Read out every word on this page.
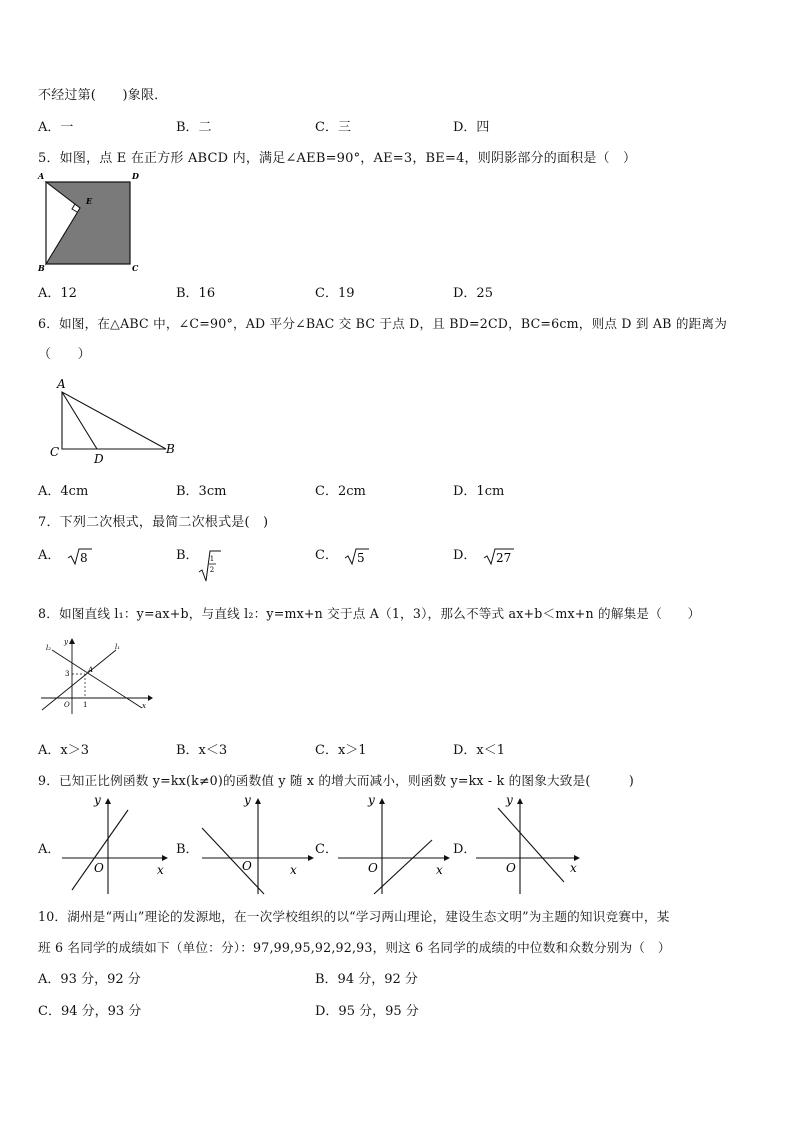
不经过第(　　)象限．
A．一	B．二	C．三	D．四
5．如图，点 E 在正方形 ABCD 内，满足∠AEB=90°，AE=3，BE=4，则阴影部分的面积是（　）
A	D
B	C
E
A．12	B．16	C．19	D．25
6．如图，在△ABC 中，∠C=90°，AD 平分∠BAC 交 BC 于点 D，且 BD=2CD，BC=6cm，则点 D 到 AB 的距离为
（　　）
A
C	D
B
A．4cm	B．3cm	C．2cm	D．1cm
7．下列二次根式，最简二次根式是(　)
A． 8	B． 1
2
C． 5	D． 27
8．如图直线 l₁：y=ax+b，与直线 l₂：y=mx+n 交于点 A（1，3），那么不等式 ax+b＜mx+n 的解集是（　　）
l₂	l₁
y
x
O
3
1
A
A．x＞3	B．x＜3	C．x＞1	D．x＜1
9．已知正比例函数 y=kx(k≠0)的函数值 y 随 x 的增大而减小，则函数 y=kx - k 的图象大致是(　　　)
A．
y
x
O
B．
y
x
O
C．
y
x
O
D．
y
x
O
10．湖州是“两山”理论的发源地，在一次学校组织的以“学习两山理论，建设生态文明”为主题的知识竞赛中，某
班 6 名同学的成绩如下（单位：分）：97,99,95,92,92,93，则这 6 名同学的成绩的中位数和众数分别为（　）
A．93 分，92 分	B．94 分，92 分
C．94 分，93 分	D．95 分，95 分
